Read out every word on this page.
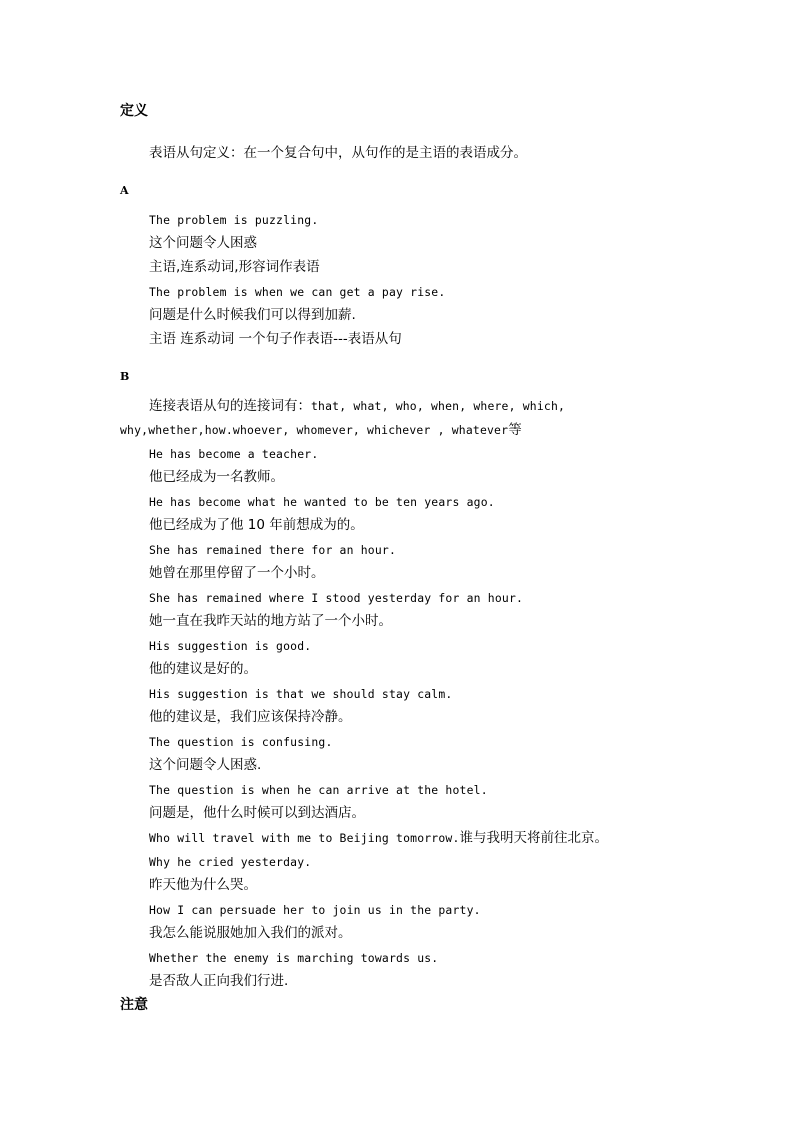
定义
表语从句定义：在一个复合句中，从句作的是主语的表语成分。
A
The problem is puzzling.
这个问题令人困惑
主语,连系动词,形容词作表语
The problem is when we can get a pay rise.
问题是什么时候我们可以得到加薪.
主语 连系动词 一个句子作表语---表语从句
B
连接表语从句的连接词有：that, what, who, when, where, which,
why,whether,how.whoever, whomever, whichever , whatever等
He has become a teacher.
他已经成为一名教师。
He has become what he wanted to be ten years ago.
他已经成为了他 10 年前想成为的。
She has remained there for an hour.
她曾在那里停留了一个小时。
She has remained where I stood yesterday for an hour.
她一直在我昨天站的地方站了一个小时。
His suggestion is good.
他的建议是好的。
His suggestion is that we should stay calm.
他的建议是，我们应该保持冷静。
The question is confusing.
这个问题令人困惑.
The question is when he can arrive at the hotel.
问题是，他什么时候可以到达酒店。
Who will travel with me to Beijing tomorrow.谁与我明天将前往北京。
Why he cried yesterday.
昨天他为什么哭。
How I can persuade her to join us in the party.
我怎么能说服她加入我们的派对。
Whether the enemy is marching towards us.
是否敌人正向我们行进.
注意
